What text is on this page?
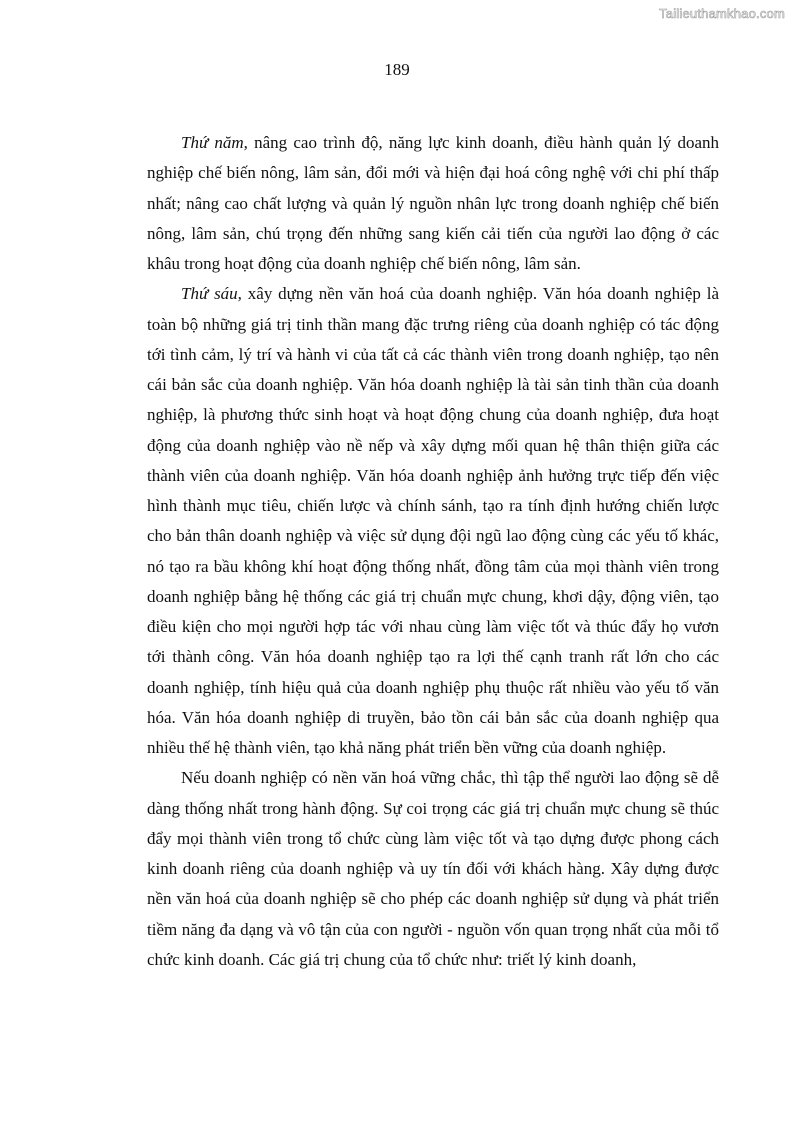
Tailieuthamkhao.com
189

Thứ năm, nâng cao trình độ, năng lực kinh doanh, điều hành quản lý doanh nghiệp chế biến nông, lâm sản, đổi mới và hiện đại hoá công nghệ với chi phí thấp nhất; nâng cao chất lượng và quản lý nguồn nhân lực trong doanh nghiệp chế biến nông, lâm sản, chú trọng đến những sang kiến cải tiến của người lao động ở các khâu trong hoạt động của doanh nghiệp chế biến nông, lâm sản.

Thứ sáu, xây dựng nền văn hoá của doanh nghiệp. Văn hóa doanh nghiệp là toàn bộ những giá trị tinh thần mang đặc trưng riêng của doanh nghiệp có tác động tới tình cảm, lý trí và hành vi của tất cả các thành viên trong doanh nghiệp, tạo nên cái bản sắc của doanh nghiệp. Văn hóa doanh nghiệp là tài sản tinh thần của doanh nghiệp, là phương thức sinh hoạt và hoạt động chung của doanh nghiệp, đưa hoạt động của doanh nghiệp vào nề nếp và xây dựng mối quan hệ thân thiện giữa các thành viên của doanh nghiệp. Văn hóa doanh nghiệp ảnh hưởng trực tiếp đến việc hình thành mục tiêu, chiến lược và chính sánh, tạo ra tính định hướng chiến lược cho bản thân doanh nghiệp và việc sử dụng đội ngũ lao động cùng các yếu tố khác, nó tạo ra bầu không khí hoạt động thống nhất, đồng tâm của mọi thành viên trong doanh nghiệp bằng hệ thống các giá trị chuẩn mực chung, khơi dậy, động viên, tạo điều kiện cho mọi người hợp tác với nhau cùng làm việc tốt và thúc đẩy họ vươn tới thành công. Văn hóa doanh nghiệp tạo ra lợi thế cạnh tranh rất lớn cho các doanh nghiệp, tính hiệu quả của doanh nghiệp phụ thuộc rất nhiều vào yếu tố văn hóa. Văn hóa doanh nghiệp di truyền, bảo tồn cái bản sắc của doanh nghiệp qua nhiều thế hệ thành viên, tạo khả năng phát triển bền vững của doanh nghiệp.

Nếu doanh nghiệp có nền văn hoá vững chắc, thì tập thể người lao động sẽ dễ dàng thống nhất trong hành động. Sự coi trọng các giá trị chuẩn mực chung sẽ thúc đẩy mọi thành viên trong tổ chức cùng làm việc tốt và tạo dựng được phong cách kinh doanh riêng của doanh nghiệp và uy tín đối với khách hàng. Xây dựng được nền văn hoá của doanh nghiệp sẽ cho phép các doanh nghiệp sử dụng và phát triển tiềm năng đa dạng và vô tận của con người - nguồn vốn quan trọng nhất của mỗi tổ chức kinh doanh. Các giá trị chung của tổ chức như: triết lý kinh doanh,
